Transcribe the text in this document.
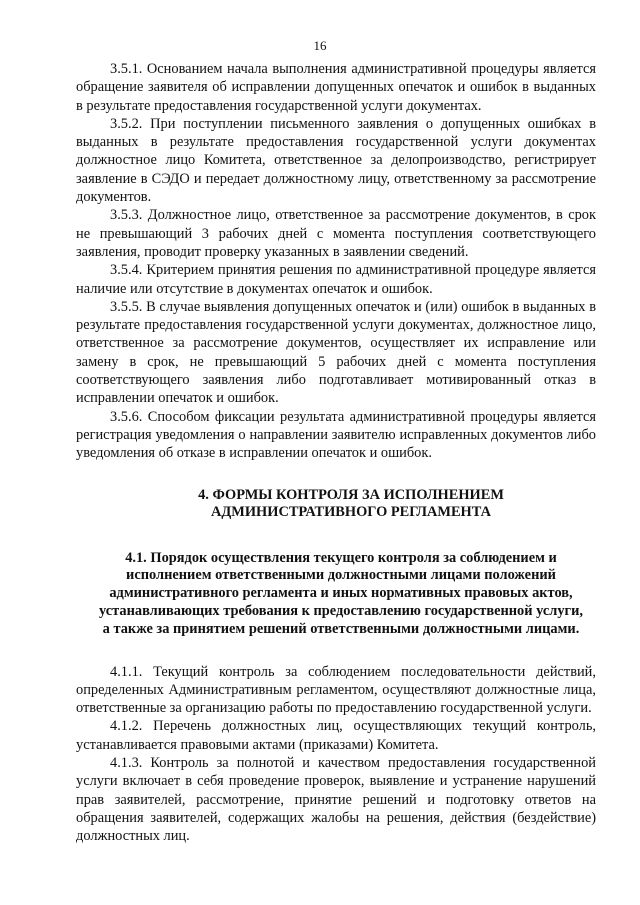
16

3.5.1. Основанием начала выполнения административной процедуры является обращение заявителя об исправлении допущенных опечаток и ошибок в выданных в результате предоставления государственной услуги документах.

3.5.2. При поступлении письменного заявления о допущенных ошибках в выданных в результате предоставления государственной услуги документах должностное лицо Комитета, ответственное за делопроизводство, регистрирует заявление в СЭДО и передает должностному лицу, ответственному за рассмотрение документов.

3.5.3. Должностное лицо, ответственное за рассмотрение документов, в срок не превышающий 3 рабочих дней с момента поступления соответствующего заявления, проводит проверку указанных в заявлении сведений.

3.5.4. Критерием принятия решения по административной процедуре является наличие или отсутствие в документах опечаток и ошибок.

3.5.5. В случае выявления допущенных опечаток и (или) ошибок в выданных в результате предоставления государственной услуги документах, должностное лицо, ответственное за рассмотрение документов, осуществляет их исправление или замену в срок, не превышающий 5 рабочих дней с момента поступления соответствующего заявления либо подготавливает мотивированный отказ в исправлении опечаток и ошибок.

3.5.6. Способом фиксации результата административной процедуры является регистрация уведомления о направлении заявителю исправленных документов либо уведомления об отказе в исправлении опечаток и ошибок.

4. ФОРМЫ КОНТРОЛЯ ЗА ИСПОЛНЕНИЕМ
АДМИНИСТРАТИВНОГО РЕГЛАМЕНТА
4.1. Порядок осуществления текущего контроля за соблюдением и
исполнением ответственными должностными лицами положений
административного регламента и иных нормативных правовых актов,
устанавливающих требования к предоставлению государственной услуги,
а также за принятием решений ответственными должностными лицами.

4.1.1. Текущий контроль за соблюдением последовательности действий, определенных Административным регламентом, осуществляют должностные лица, ответственные за организацию работы по предоставлению государственной услуги.

4.1.2. Перечень должностных лиц, осуществляющих текущий контроль, устанавливается правовыми актами (приказами) Комитета.

4.1.3. Контроль за полнотой и качеством предоставления государственной услуги включает в себя проведение проверок, выявление и устранение нарушений прав заявителей, рассмотрение, принятие решений и подготовку ответов на обращения заявителей, содержащих жалобы на решения, действия (бездействие) должностных лиц.
